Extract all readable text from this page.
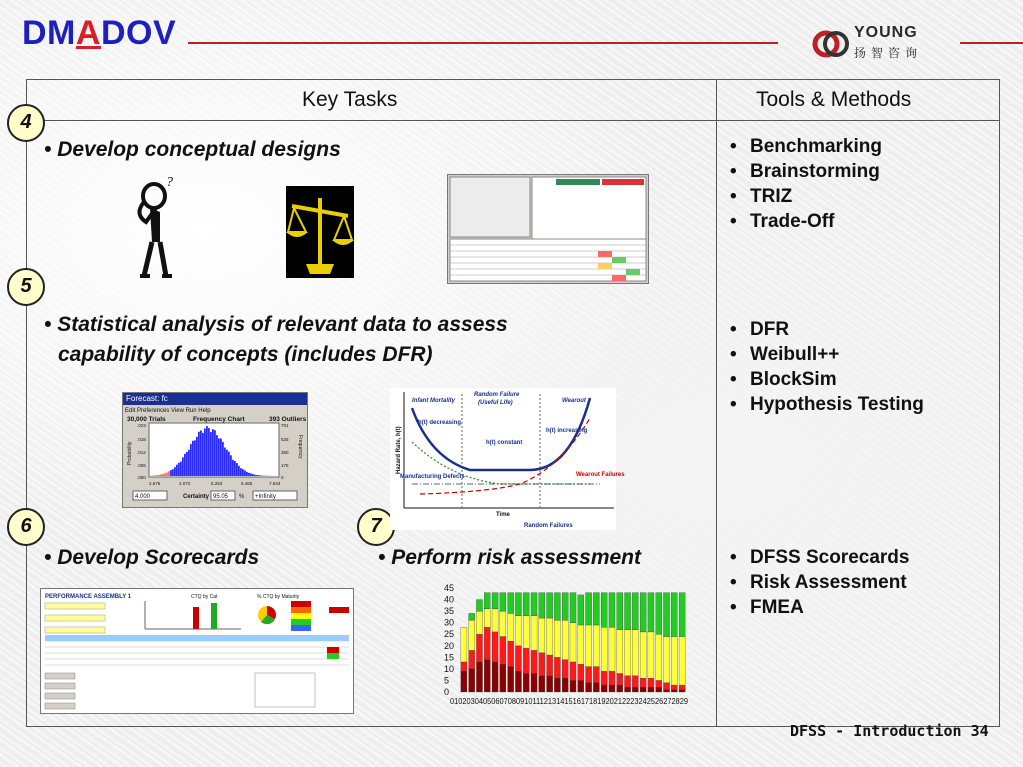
DMADOV	YOUNG
扬智咨询
Key Tasks	Tools & Methods
4
5
6	7
• Develop conceptual designs
• Statistical analysis of relevant data to assess
capability of concepts (includes DFR)
• Develop Scorecards	• Perform risk assessment
• Benchmarking
• Brainstorming
• TRIZ
• Trade-Off
• DFR
• Weibull++
• BlockSim
• Hypothesis Testing
• DFSS Scorecards
• Risk Assessment
• FMEA
?
Forecast: fc
Edit Preferences View Run Help
30,000 Trials	Frequency Chart	393 Outliers
.023
.018
.012
.006
.000
701
525
350
175
0
2.676	4.072	5.263	6.465	7.643
Probability	Frequency
4.000	Certainty 95.05 % +Infinity
Infant Mortality
Random Failure
(Useful Life)	Wearout
h(t) decreasing
h(t) constant
h(t) increasing
Manufacturing Defects
Random Failures
Wearout Failures
Hazard Rate, h(t)
Time
PERFORMANCE ASSEMBLY 1	CTQ by Cat	% CTQ by Maturity
0
5
10
15
20
25
30
35
40
45
0102030405060708091011121314151617181920212223242526272829
DFSS - Introduction 34
